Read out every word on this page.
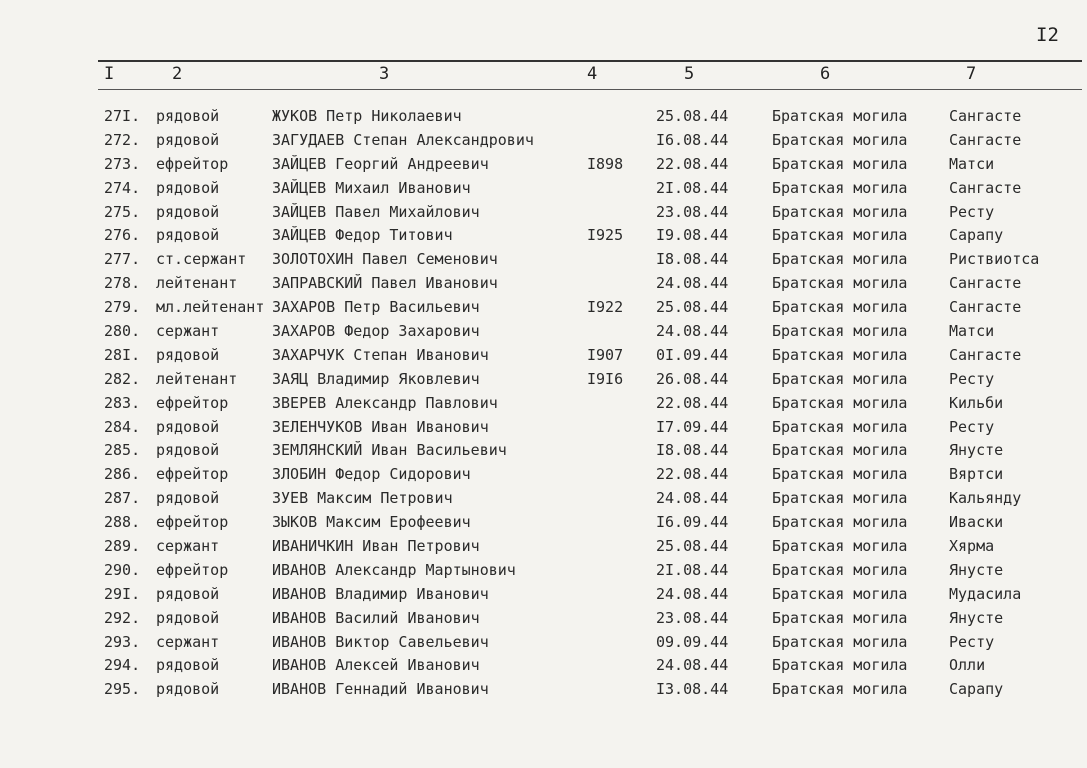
I2
I	2	3	4	5	6	7
27I. рядовой	ЖУКОВ Петр Николаевич	25.08.44	Братская могила	Сангасте
272. рядовой	ЗАГУДАЕВ Степан Александрович	I6.08.44	Братская могила	Сангасте
273. ефрейтор	ЗАЙЦЕВ Георгий Андреевич	I898 22.08.44	Братская могила	Матси
274. рядовой	ЗАЙЦЕВ Михаил Иванович	2I.08.44	Братская могила	Сангасте
275. рядовой	ЗАЙЦЕВ Павел Михайлович	23.08.44	Братская могила	Ресту
276. рядовой	ЗАЙЦЕВ Федор Титович	I925 I9.08.44	Братская могила	Сарапу
277. ст.сержант ЗОЛОТОХИН Павел Семенович	I8.08.44	Братская могила	Риствиотса
278. лейтенант ЗАПРАВСКИЙ Павел Иванович	24.08.44	Братская могила	Сангасте
279. мл.лейтенант ЗАХАРОВ Петр Васильевич	I922 25.08.44	Братская могила	Сангасте
280. сержант	ЗАХАРОВ Федор Захарович	24.08.44	Братская могила	Матси
28I. рядовой	ЗАХАРЧУК Степан Иванович	I907 0I.09.44	Братская могила	Сангасте
282. лейтенант ЗАЯЦ Владимир Яковлевич	I9I6 26.08.44	Братская могила	Ресту
283. ефрейтор	ЗВЕРЕВ Александр Павлович	22.08.44	Братская могила	Кильби
284. рядовой	ЗЕЛЕНЧУКОВ Иван Иванович	I7.09.44	Братская могила	Ресту
285. рядовой	ЗЕМЛЯНСКИЙ Иван Васильевич	I8.08.44	Братская могила	Янусте
286. ефрейтор	ЗЛОБИН Федор Сидорович	22.08.44	Братская могила	Вяртси
287. рядовой	ЗУЕВ Максим Петрович	24.08.44	Братская могила	Кальянду
288. ефрейтор	ЗЫКОВ Максим Ерофеевич	I6.09.44	Братская могила	Иваски
289. сержант	ИВАНИЧКИН Иван Петрович	25.08.44	Братская могила	Хярма
290. ефрейтор	ИВАНОВ Александр Мартынович	2I.08.44	Братская могила	Янусте
29I. рядовой	ИВАНОВ Владимир Иванович	24.08.44	Братская могила	Мудасила
292. рядовой	ИВАНОВ Василий Иванович	23.08.44	Братская могила	Янусте
293. сержант	ИВАНОВ Виктор Савельевич	09.09.44	Братская могила	Ресту
294. рядовой	ИВАНОВ Алексей Иванович	24.08.44	Братская могила	Олли
295. рядовой	ИВАНОВ Геннадий Иванович	I3.08.44	Братская могила	Сарапу
